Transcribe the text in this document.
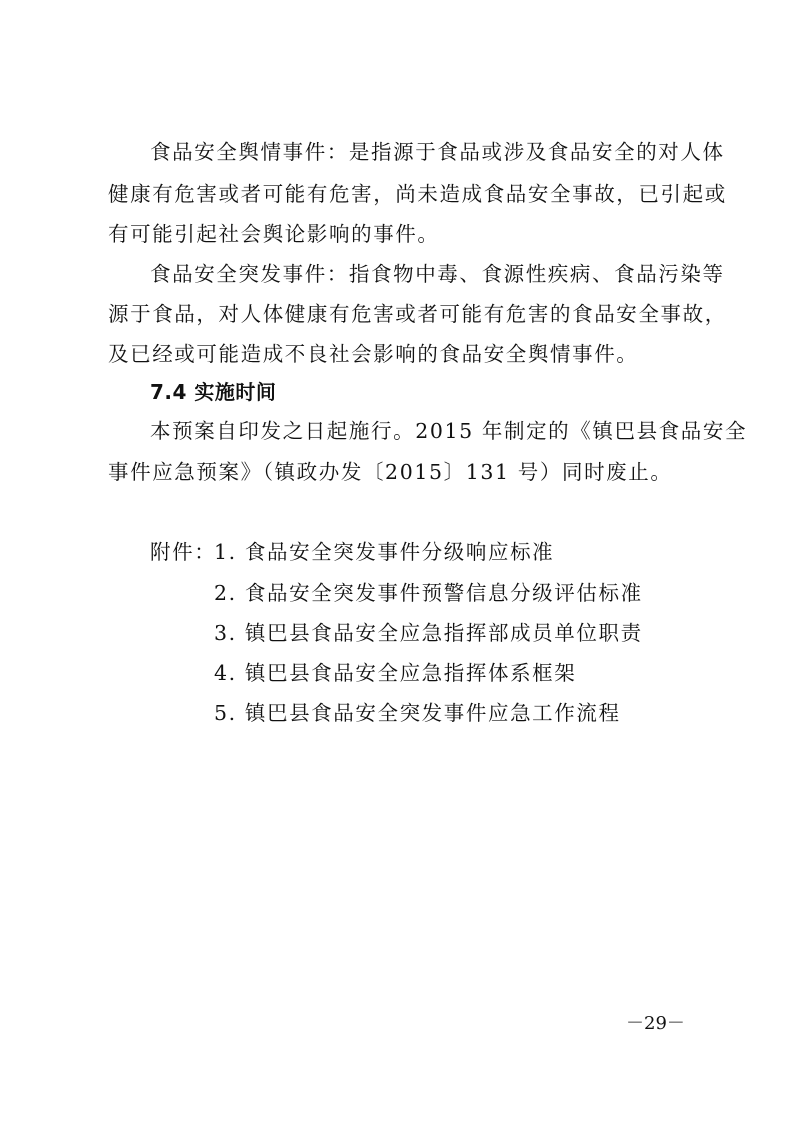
食品安全舆情事件：是指源于食品或涉及食品安全的对人体
健康有危害或者可能有危害，尚未造成食品安全事故，已引起或
有可能引起社会舆论影响的事件。
食品安全突发事件：指食物中毒、食源性疾病、食品污染等
源于食品，对人体健康有危害或者可能有危害的食品安全事故，
及已经或可能造成不良社会影响的食品安全舆情事件。
7.4 实施时间
本预案自印发之日起施行。2015 年制定的《镇巴县食品安全
事件应急预案》（镇政办发〔2015〕131 号）同时废止。
附件：
1. 食品安全突发事件分级响应标准
2. 食品安全突发事件预警信息分级评估标准
3. 镇巴县食品安全应急指挥部成员单位职责
4. 镇巴县食品安全应急指挥体系框架
5. 镇巴县食品安全突发事件应急工作流程
－29－
